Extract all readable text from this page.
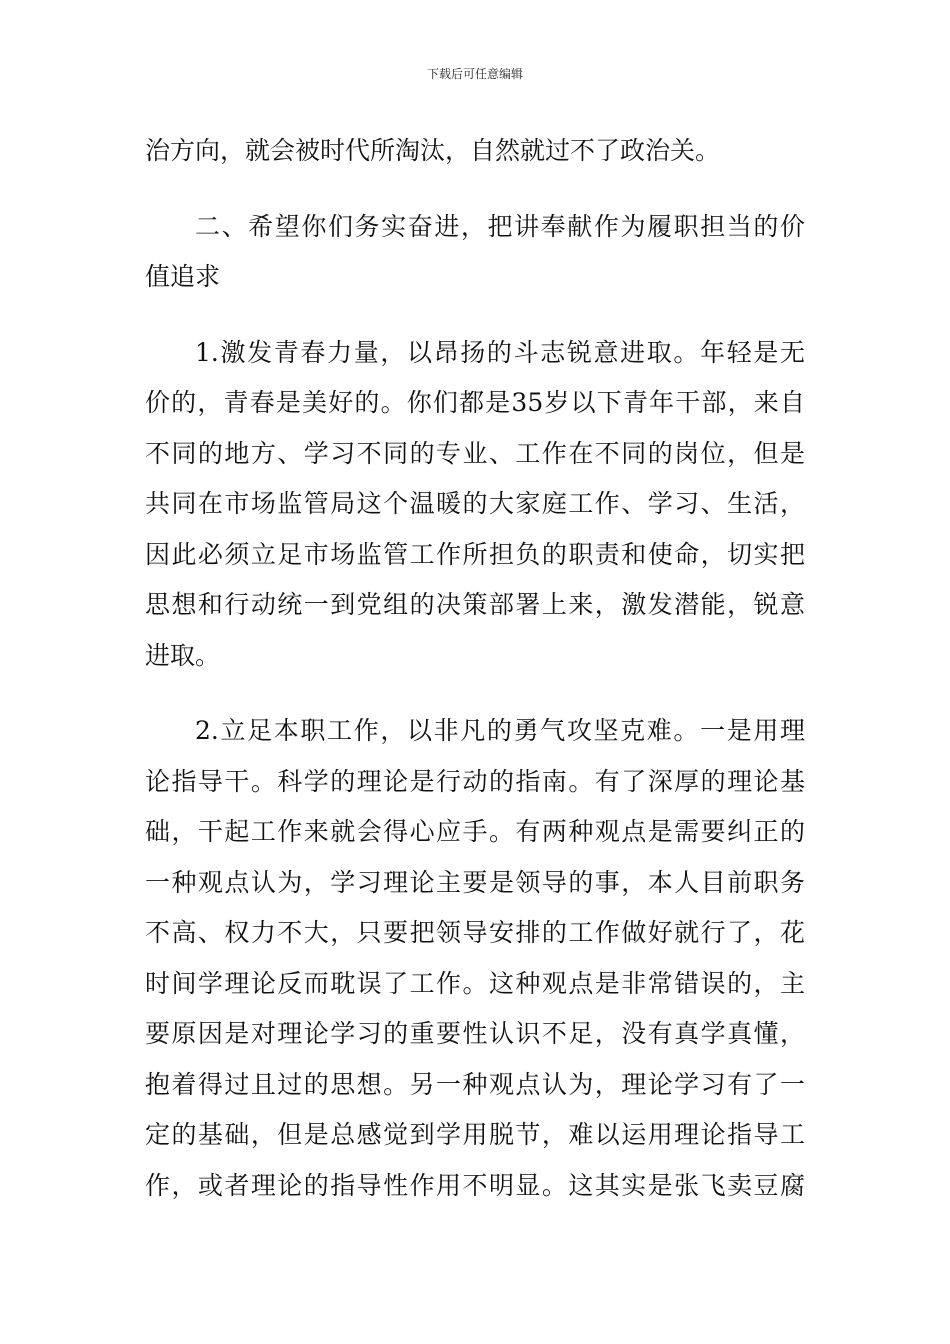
下载后可任意编辑
治方向，就会被时代所淘汰，自然就过不了政治关。
二、希望你们务实奋进，把讲奉献作为履职担当的价
值追求
1.激发青春力量，以昂扬的斗志锐意进取。年轻是无
价的，青春是美好的。你们都是35岁以下青年干部，来自
不同的地方、学习不同的专业、工作在不同的岗位，但是
共同在市场监管局这个温暖的大家庭工作、学习、生活，
因此必须立足市场监管工作所担负的职责和使命，切实把
思想和行动统一到党组的决策部署上来，激发潜能，锐意
进取。
2.立足本职工作，以非凡的勇气攻坚克难。一是用理
论指导干。科学的理论是行动的指南。有了深厚的理论基
础，干起工作来就会得心应手。有两种观点是需要纠正的
一种观点认为，学习理论主要是领导的事，本人目前职务
不高、权力不大，只要把领导安排的工作做好就行了，花
时间学理论反而耽误了工作。这种观点是非常错误的，主
要原因是对理论学习的重要性认识不足，没有真学真懂，
抱着得过且过的思想。另一种观点认为，理论学习有了一
定的基础，但是总感觉到学用脱节，难以运用理论指导工
作，或者理论的指导性作用不明显。这其实是张飞卖豆腐
